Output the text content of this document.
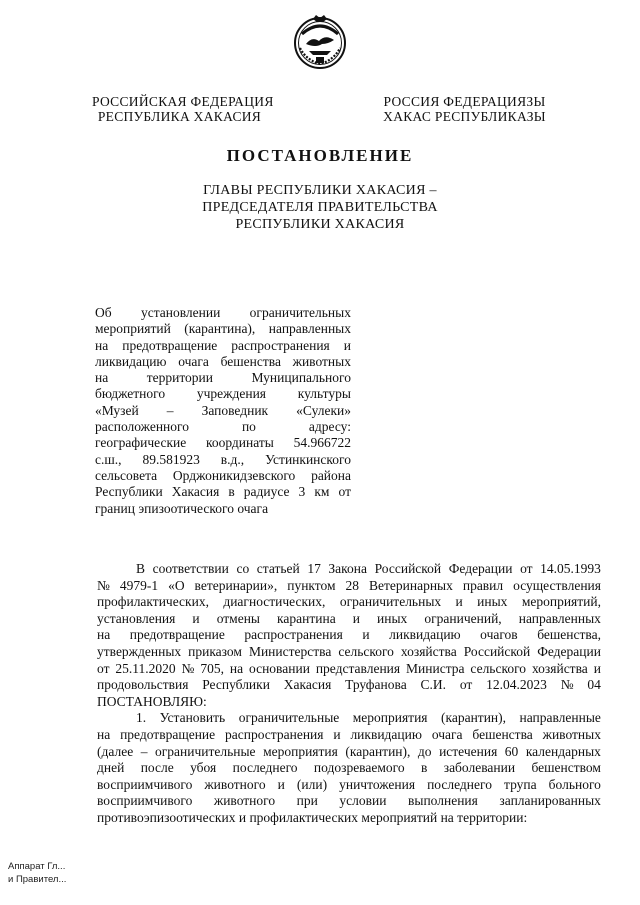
РОССИЙСКАЯ ФЕДЕРАЦИЯ
РЕСПУБЛИКА ХАКАСИЯ
РОССИЯ ФЕДЕРАЦИЯЗЫ
ХАКАС РЕСПУБЛИКАЗЫ
ПОСТАНОВЛЕНИЕ
ГЛАВЫ РЕСПУБЛИКИ ХАКАСИЯ –
ПРЕДСЕДАТЕЛЯ ПРАВИТЕЛЬСТВА
РЕСПУБЛИКИ ХАКАСИЯ
Об установлении ограничительных
мероприятий (карантина), направленных
на предотвращение распространения и
ликвидацию очага бешенства животных
на	территории	Муниципального
бюджетного учреждения культуры
«Музей – Заповедник «Сулеки»
расположенного	по	адресу:
географические координаты 54.966722
с.ш., 89.581923 в.д., Устинкинского
сельсовета Орджоникидзевского района
Республики Хакасия в радиусе 3 км от
границ эпизоотического очага
В соответствии со статьей 17 Закона Российской Федерации от 14.05.1993
№ 4979-1 «О ветеринарии», пунктом 28 Ветеринарных правил осуществления
профилактических, диагностических, ограничительных и иных мероприятий,
установления и отмены карантина и иных ограничений, направленных
на предотвращение распространения и ликвидацию очагов бешенства,
утвержденных приказом Министерства сельского хозяйства Российской Федерации
от 25.11.2020 № 705, на основании представления Министра сельского хозяйства и
продовольствия Республики Хакасия Труфанова С.И. от 12.04.2023 № 04
ПОСТАНОВЛЯЮ:
1. Установить ограничительные мероприятия (карантин), направленные
на предотвращение распространения и ликвидацию очага бешенства животных
(далее – ограничительные мероприятия (карантин), до истечения 60 календарных
дней после убоя последнего подозреваемого в заболевании бешенством
восприимчивого животного и (или) уничтожения последнего трупа больного
восприимчивого животного при условии выполнения запланированных
противоэпизоотических и профилактических мероприятий на территории:
Аппарат Гл...
и Правител...
